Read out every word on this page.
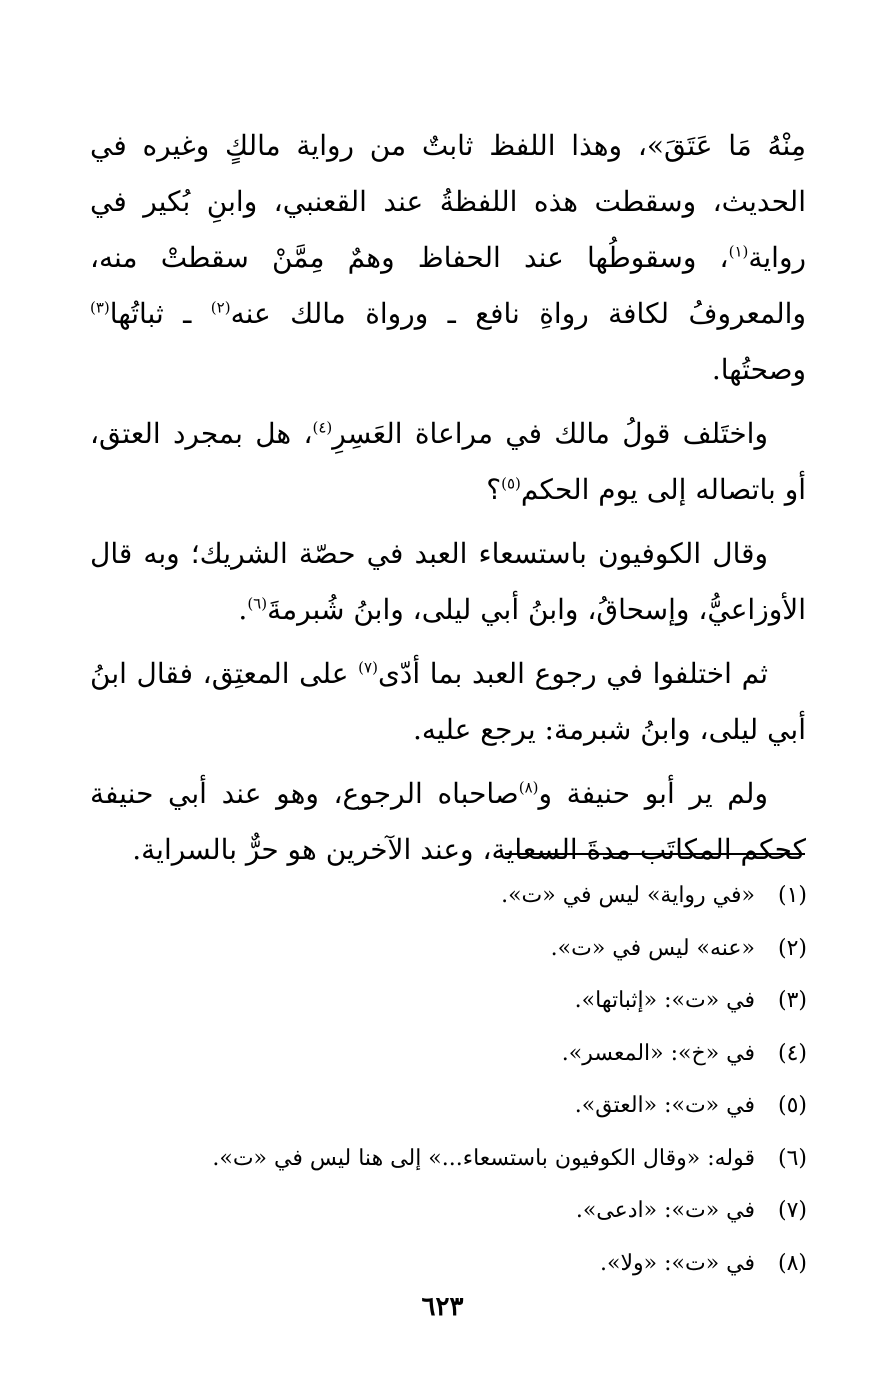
مِنْهُ مَا عَتَقَ»، وهذا اللفظ ثابتٌ من رواية مالكٍ وغيره في الحديث، وسقطت هذه اللفظةُ عند القعنبي، وابنِ بُكير في رواية$^{(١)}$، وسقوطُها عند الحفاظ وهمٌ مِمَّنْ سقطتْ منه، والمعروفُ لكافة رواةِ نافع ـ ورواة مالك عنه$^{(٢)}$ ـ ثباتُها$^{(٣)}$ وصحتُها.

واختَلف قولُ مالك في مراعاة العَسِرِ$^{(٤)}$، هل بمجرد العتق، أو باتصاله إلى يوم الحكم$^{(٥)}$؟

وقال الكوفيون باستسعاء العبد في حصّة الشريك؛ وبه قال الأوزاعيُّ، وإسحاقُ، وابنُ أبي ليلى، وابنُ شُبرمةَ$^{(٦)}$.

ثم اختلفوا في رجوع العبد بما أدّى$^{(٧)}$ على المعتِق، فقال ابنُ أبي ليلى، وابنُ شبرمة: يرجع عليه.

ولم ير أبو حنيفة و$^{(٨)}$صاحباه الرجوع، وهو عند أبي حنيفة كحكم المكاتَب مدةَ السعاية، وعند الآخرين هو حرٌّ بالسراية.

(١)«في رواية» ليس في «ت».
(٢)«عنه» ليس في «ت».
(٣)في «ت»: «إثباتها».
(٤)في «خ»: «المعسر».
(٥)في «ت»: «العتق».
(٦)قوله: «وقال الكوفيون باستسعاء...» إلى هنا ليس في «ت».
(٧)في «ت»: «ادعى».
(٨)في «ت»: «ولا».
٦٢٣
